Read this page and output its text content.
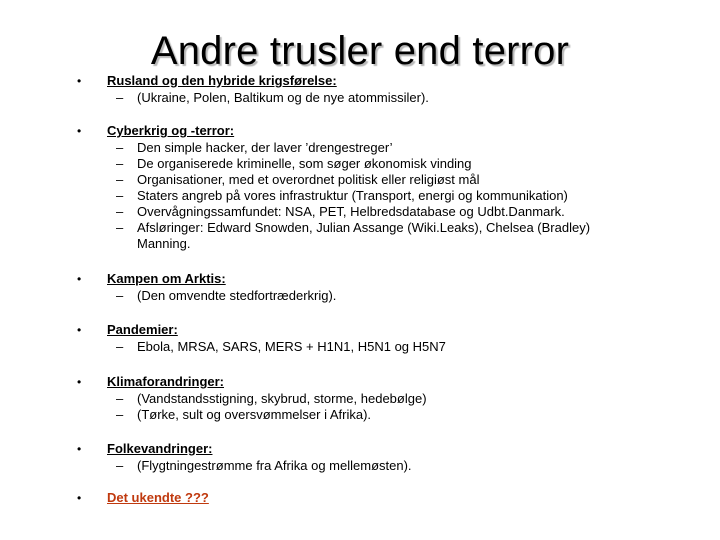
Andre trusler end terror
• Rusland og den hybride krigsførelse:
– (Ukraine, Polen, Baltikum og de nye atommissiler).
• Cyberkrig og -terror:
– Den simple hacker, der laver ’drengestreger’
– De organiserede kriminelle, som søger økonomisk vinding
– Organisationer, med et overordnet politisk eller religiøst mål
– Staters angreb på vores infrastruktur (Transport, energi og kommunikation)
– Overvågningssamfundet: NSA, PET, Helbredsdatabase og Udbt.Danmark.
– Afsløringer: Edward Snowden, Julian Assange (Wiki.Leaks), Chelsea (Bradley) Manning.
• Kampen om Arktis:
– (Den omvendte stedfortræderkrig).
• Pandemier:
– Ebola, MRSA, SARS, MERS + H1N1, H5N1 og H5N7
• Klimaforandringer:
– (Vandstandsstigning, skybrud, storme, hedebølge)
– (Tørke, sult og oversvømmelser i Afrika).
• Folkevandringer:
– (Flygtningestrømme fra Afrika og mellemøsten).
• Det ukendte ???
